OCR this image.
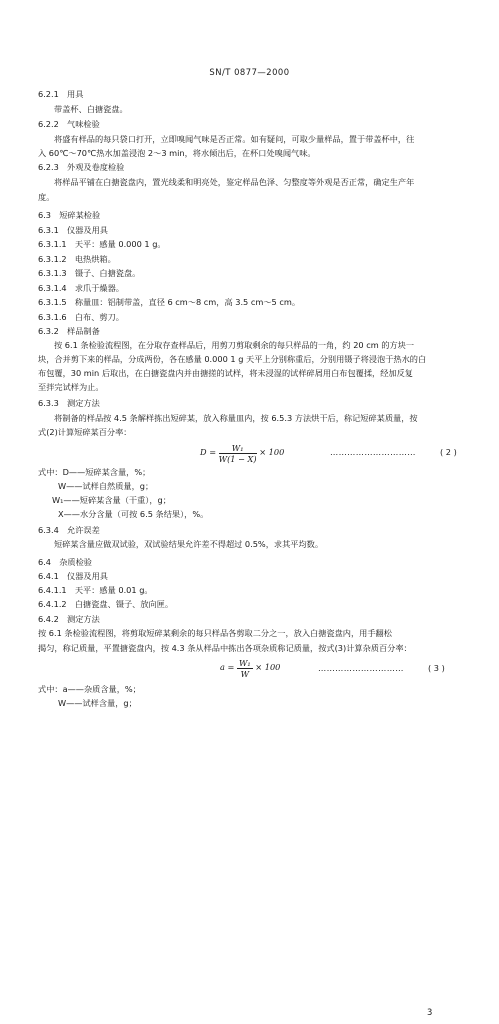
SN/T 0877—2000
6.2.1　用具
带盖杯、白搪瓷盘。
6.2.2　气味检验
将盛有样品的每只袋口打开，立即嗅闻气味是否正常。如有疑问，可取少量样品，置于带盖杯中，往
入 60℃～70℃热水加盖浸泡 2～3 min，将水倾出后，在杯口处嗅闻气味。
6.2.3　外观及卷度检验
将样品平铺在白搪瓷盘内，置光线柔和明亮处，鉴定样品色泽、匀整度等外观是否正常，确定生产年
度。
6.3　短碎某检验
6.3.1　仪器及用具
6.3.1.1　天平：感量 0.000 1 g。
6.3.1.2　电热烘箱。
6.3.1.3　镊子、白搪瓷盘。
6.3.1.4　求爪于燥器。
6.3.1.5　称量皿：铝制带盖，直径 6 cm～8 cm，高 3.5 cm～5 cm。
6.3.1.6　白布、剪刀。
6.3.2　样品制备
按 6.1 条检验流程图，在分取存查样品后，用剪刀剪取剩余的每只样品的一角，约 20 cm 的方块一
块，合并剪下来的样品，分成两份，各在感量 0.000 1 g 天平上分别称重后，分别用镊子将浸泡于热水的白
布包覆，30 min 后取出，在白搪瓷盘内并由搪搓的试样，将未浸湿的试样碎屑用白布包覆揉，经加反复
至拌完试样为止。
6.3.3　测定方法
将制备的样品按 4.5 条解样拣出短碎某，放入称量皿内，按 6.5.3 方法烘干后，称记短碎某质量，按
式(2)计算短碎某百分率：
$D = \frac{\text{W₁}}{W(1 - X)} \times 100$	…………………………	( 2 )
式中：D——短碎某含量，%；
W——试样自然质量，g；
W₁——短碎某含量（干重），g；
X——水分含量（可按 6.5 条结果），%。
6.3.4　允许误差
短碎某含量应做双试验，双试验结果允许差不得超过 0.5%，求其平均数。
6.4　杂质检验
6.4.1　仪器及用具
6.4.1.1　天平：感量 0.01 g。
6.4.1.2　白搪瓷盘、镊子、放向匣。
6.4.2　测定方法
按 6.1 条检验流程图，将剪取短碎某剩余的每只样品各剪取二分之一，放入白搪瓷盘内，用手翻松
揭匀，称记质量，平置搪瓷盘内，按 4.3 条从样品中拣出各项杂质称记质量，按式(3)计算杂质百分率：
$a = \frac{\text{W₁}}{W} \times 100$	…………………………	( 3 )
式中：a——杂质含量，%；
W——试样含量，g；
3
